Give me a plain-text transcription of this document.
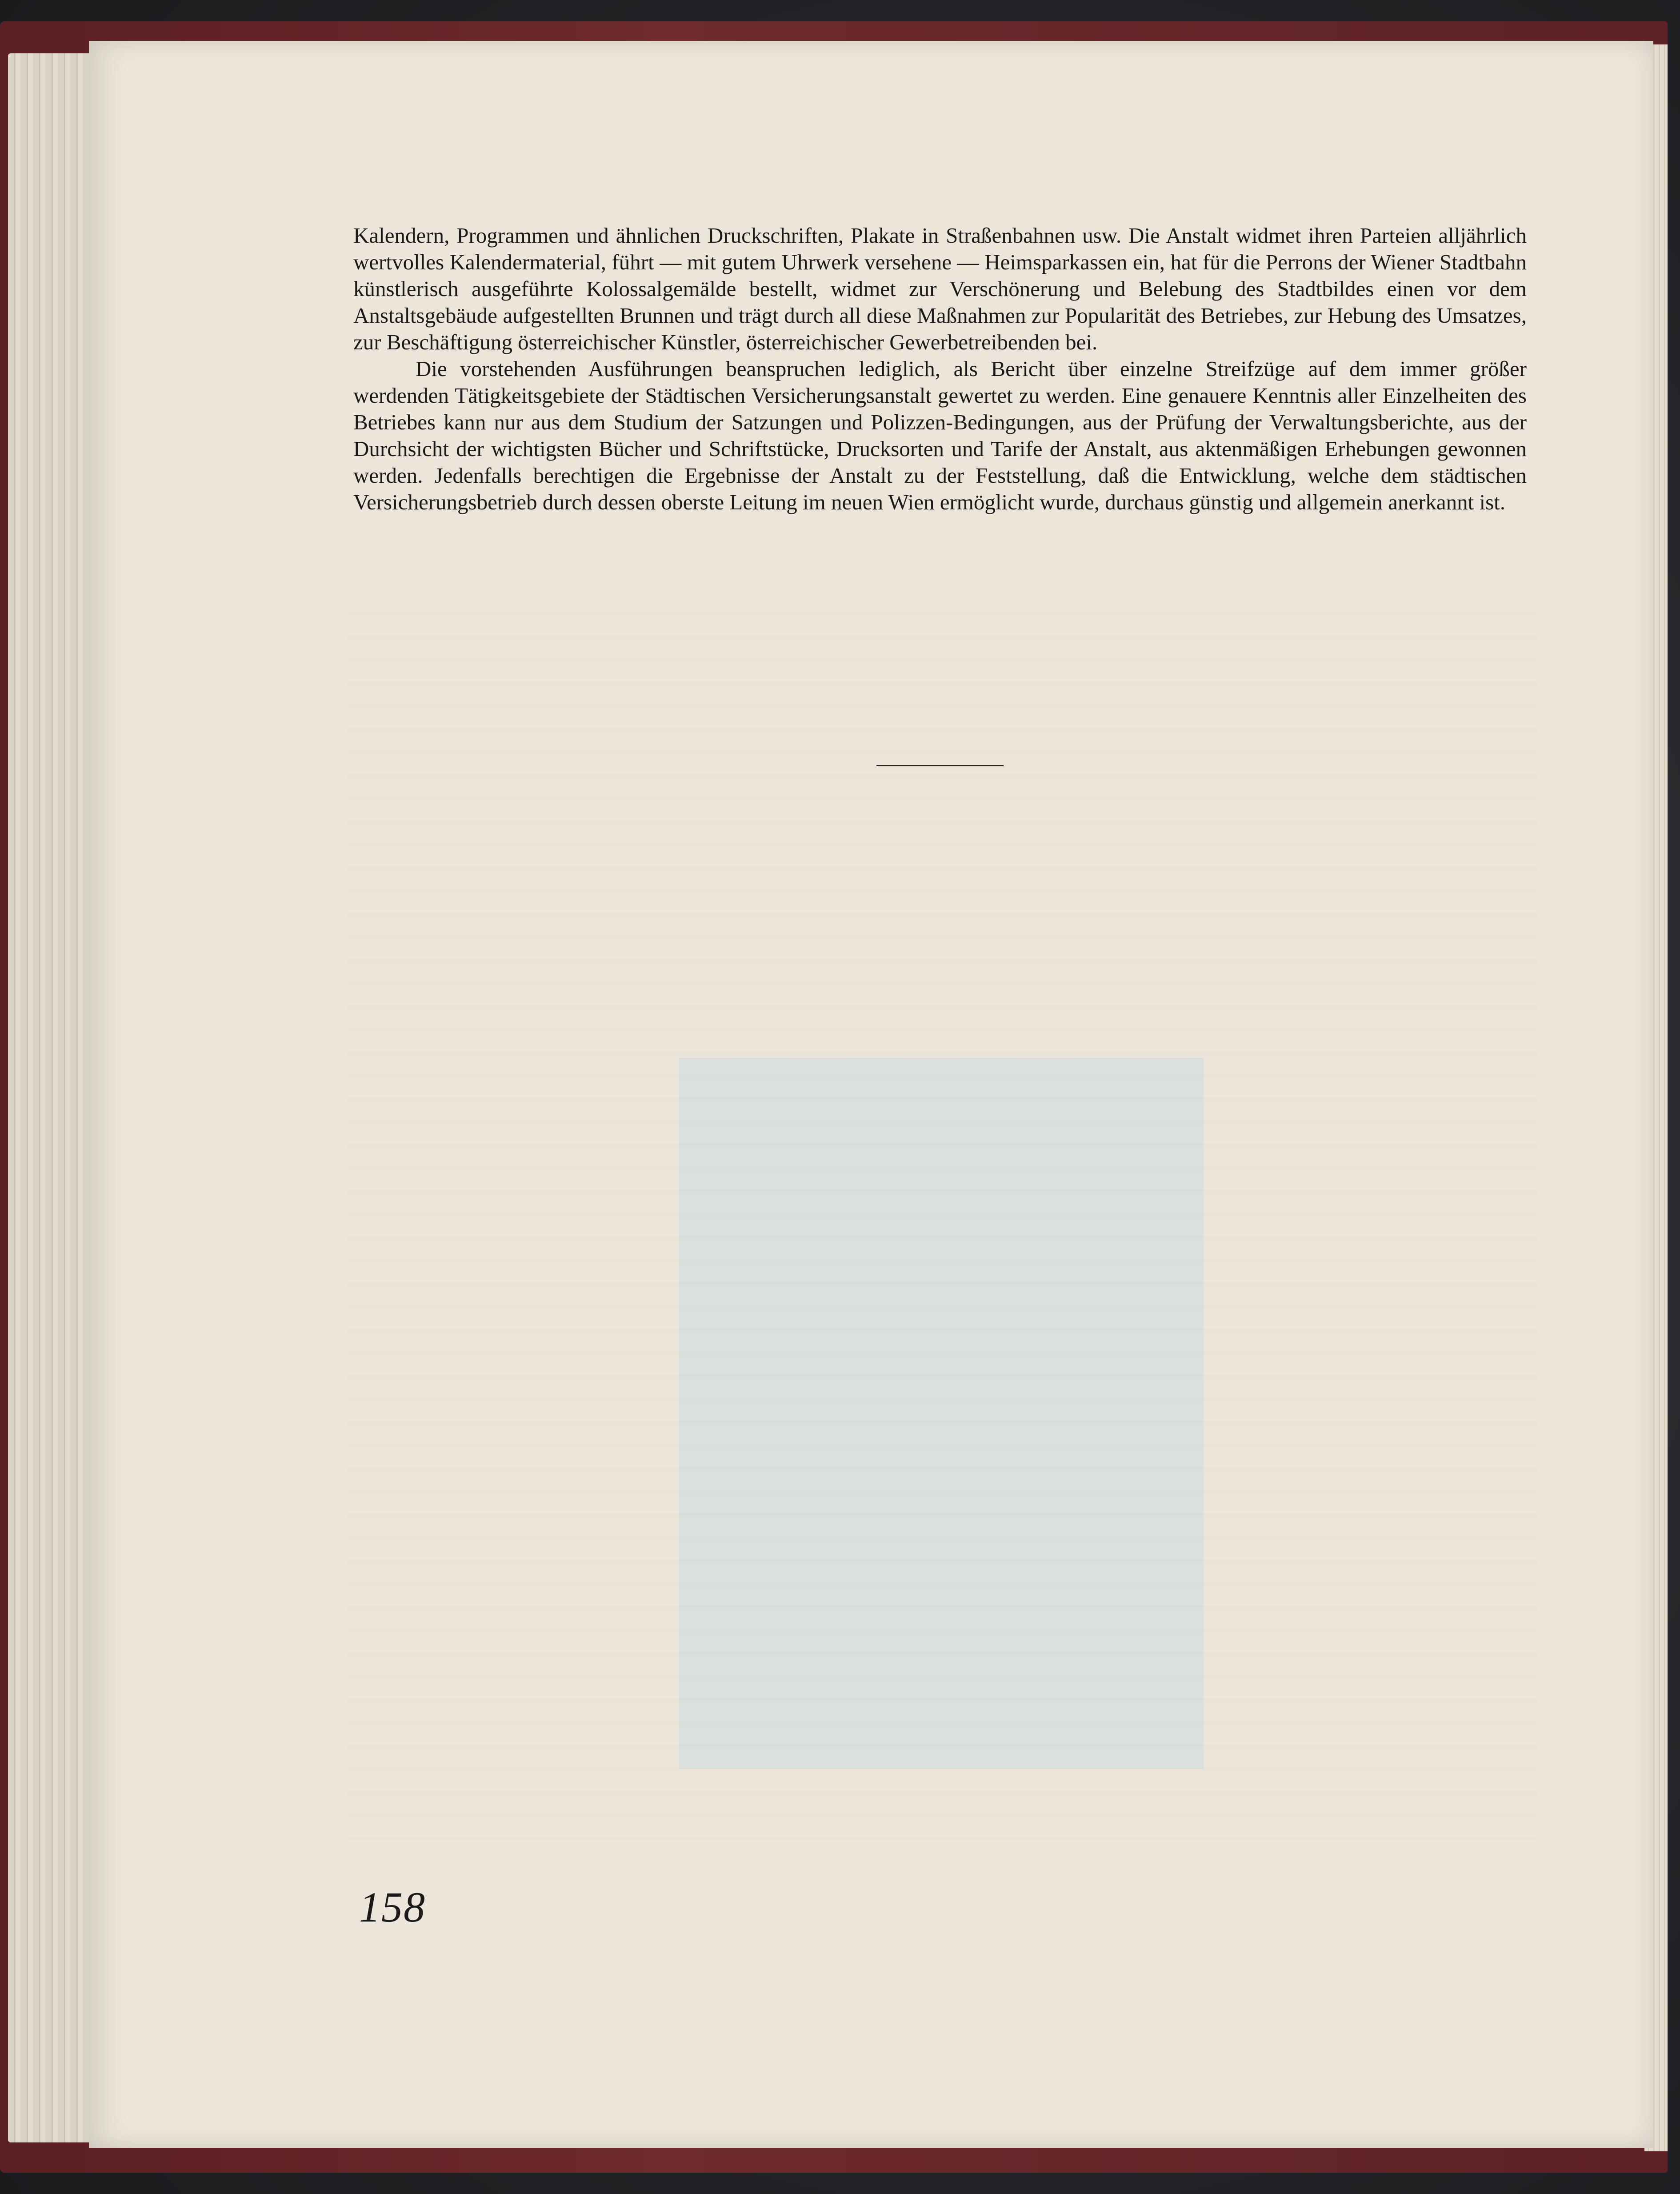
Kalendern, Programmen und ähnlichen Druckschriften, Plakate in Straßenbahnen usw. Die Anstalt widmet ihren Parteien alljährlich wertvolles Kalendermaterial, führt — mit gutem Uhrwerk versehene — Heimsparkassen ein, hat für die Perrons der Wiener Stadtbahn künstlerisch ausgeführte Kolossalgemälde bestellt, widmet zur Verschönerung und Belebung des Stadtbildes einen vor dem Anstaltsgebäude aufgestellten Brunnen und trägt durch all diese Maßnahmen zur Popularität des Betriebes, zur Hebung des Umsatzes, zur Beschäftigung österreichischer Künstler, österreichischer Gewerbetreibenden bei.

Die vorstehenden Ausführungen beanspruchen lediglich, als Bericht über einzelne Streifzüge auf dem immer größer werdenden Tätigkeitsgebiete der Städtischen Versicherungsanstalt gewertet zu werden. Eine genauere Kenntnis aller Einzelheiten des Betriebes kann nur aus dem Studium der Satzungen und Polizzen-Bedingungen, aus der Prüfung der Verwaltungsberichte, aus der Durchsicht der wichtigsten Bücher und Schriftstücke, Drucksorten und Tarife der Anstalt, aus aktenmäßigen Erhebungen gewonnen werden. Jedenfalls berechtigen die Ergebnisse der Anstalt zu der Feststellung, daß die Entwicklung, welche dem städtischen Versicherungsbetrieb durch dessen oberste Leitung im neuen Wien ermöglicht wurde, durchaus günstig und allgemein anerkannt ist.

158
